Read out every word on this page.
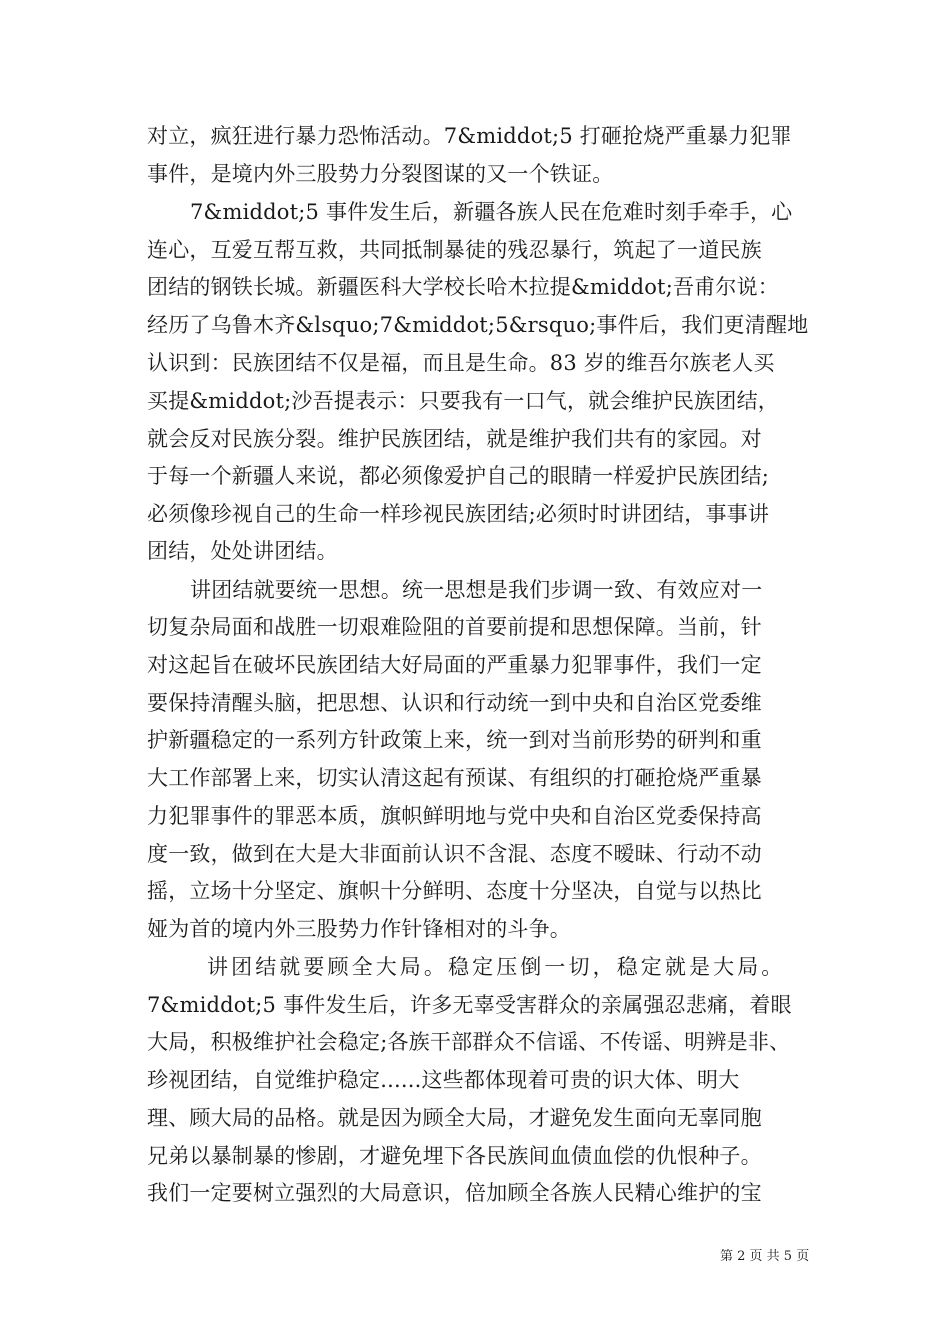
对立，疯狂进行暴力恐怖活动。7&middot;5 打砸抢烧严重暴力犯罪
事件，是境内外三股势力分裂图谋的又一个铁证。
7&middot;5 事件发生后，新疆各族人民在危难时刻手牵手，心
连心，互爱互帮互救，共同抵制暴徒的残忍暴行，筑起了一道民族
团结的钢铁长城。新疆医科大学校长哈木拉提&middot;吾甫尔说：
经历了乌鲁木齐&lsquo;7&middot;5&rsquo;事件后，我们更清醒地
认识到：民族团结不仅是福，而且是生命。83 岁的维吾尔族老人买
买提&middot;沙吾提表示：只要我有一口气，就会维护民族团结，
就会反对民族分裂。维护民族团结，就是维护我们共有的家园。对
于每一个新疆人来说，都必须像爱护自己的眼睛一样爱护民族团结;
必须像珍视自己的生命一样珍视民族团结;必须时时讲团结，事事讲
团结，处处讲团结。
讲团结就要统一思想。统一思想是我们步调一致、有效应对一
切复杂局面和战胜一切艰难险阻的首要前提和思想保障。当前，针
对这起旨在破坏民族团结大好局面的严重暴力犯罪事件，我们一定
要保持清醒头脑，把思想、认识和行动统一到中央和自治区党委维
护新疆稳定的一系列方针政策上来，统一到对当前形势的研判和重
大工作部署上来，切实认清这起有预谋、有组织的打砸抢烧严重暴
力犯罪事件的罪恶本质，旗帜鲜明地与党中央和自治区党委保持高
度一致，做到在大是大非面前认识不含混、态度不暧昧、行动不动
摇，立场十分坚定、旗帜十分鲜明、态度十分坚决，自觉与以热比
娅为首的境内外三股势力作针锋相对的斗争。
讲团结就要顾全大局。稳定压倒一切，稳定就是大局。
7&middot;5 事件发生后，许多无辜受害群众的亲属强忍悲痛，着眼
大局，积极维护社会稳定;各族干部群众不信谣、不传谣、明辨是非、
珍视团结，自觉维护稳定......这些都体现着可贵的识大体、明大
理、顾大局的品格。就是因为顾全大局，才避免发生面向无辜同胞
兄弟以暴制暴的惨剧，才避免埋下各民族间血债血偿的仇恨种子。
我们一定要树立强烈的大局意识，倍加顾全各族人民精心维护的宝
第 2 页 共 5 页
